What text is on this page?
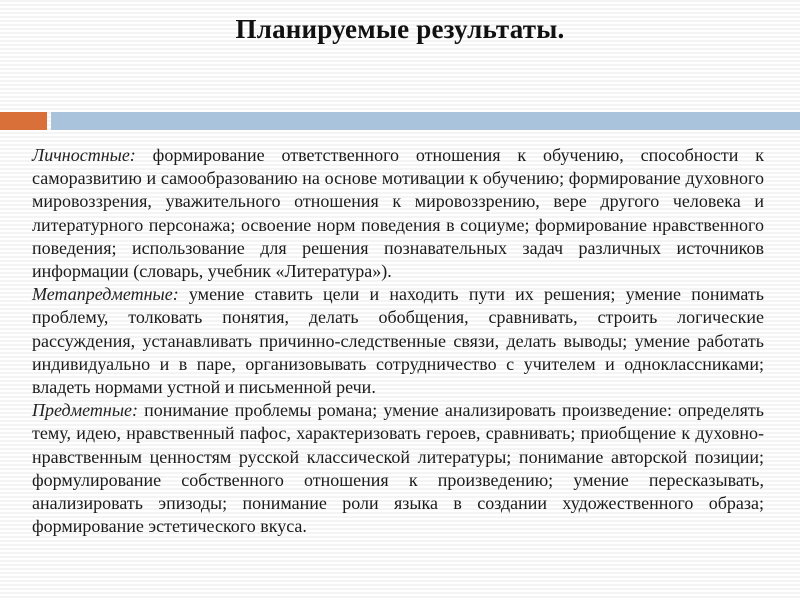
Планируемые результаты.

Личностные: формирование ответственного отношения к обучению, способности к саморазвитию и самообразованию на основе мотивации к обучению; формирование духовного мировоззрения, уважительного отношения к мировоззрению, вере другого человека и литературного персонажа; освоение норм поведения в социуме; формирование нравственного поведения; использование для решения познавательных задач различных источников информации (словарь, учебник «Литература»).

Метапредметные: умение ставить цели и находить пути их решения; умение понимать проблему, толковать понятия, делать обобщения, сравнивать, строить логические рассуждения, устанавливать причинно-следственные связи, делать выводы; умение работать индивидуально и в паре, организовывать сотрудничество с учителем и одноклассниками; владеть нормами устной и письменной речи.

Предметные: понимание проблемы романа; умение анализировать произведение: определять тему, идею, нравственный пафос, характеризовать героев, сравнивать; приобщение к духовно-нравственным ценностям русской классической литературы; понимание авторской позиции; формулирование собственного отношения к произведению; умение пересказывать, анализировать эпизоды; понимание роли языка в создании художественного образа; формирование эстетического вкуса.
